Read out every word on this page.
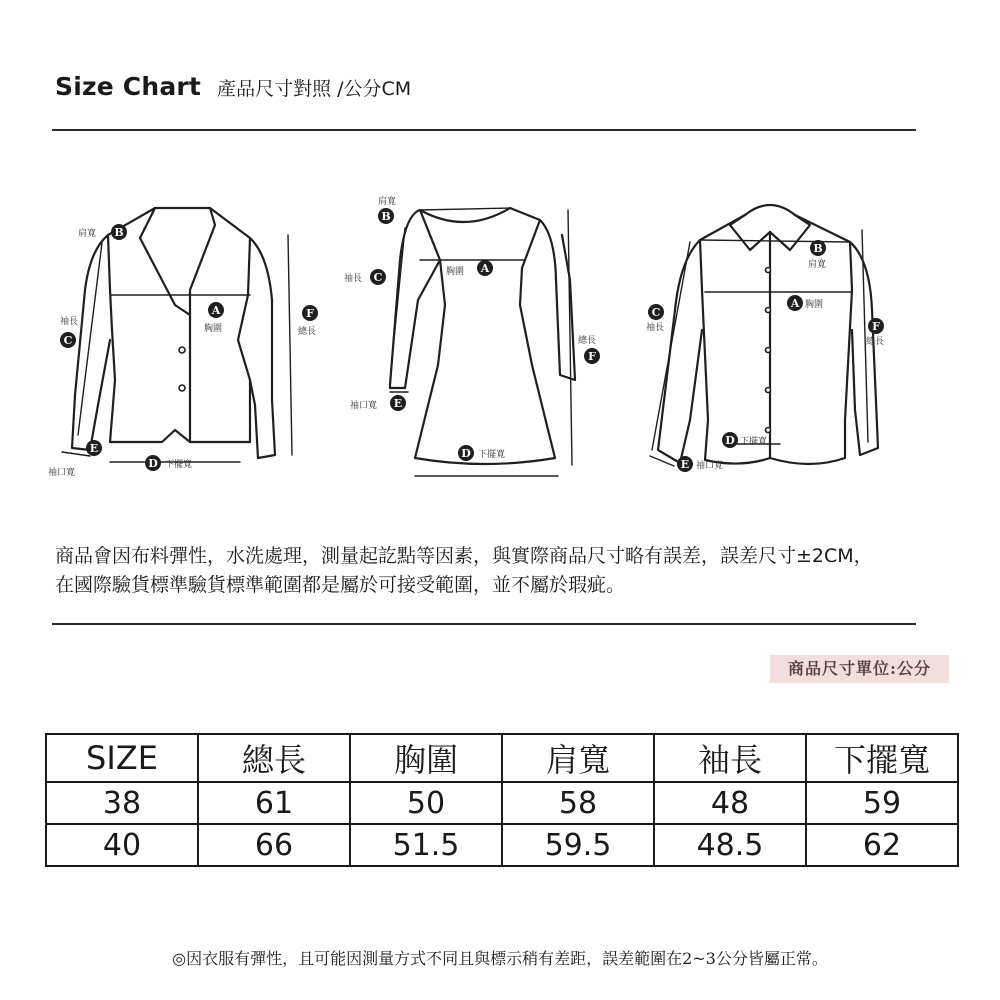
Size Chart 產品尺寸對照 /公分CM
肩寬 B
A
胸圍
袖長
C
F
總長
E
袖口寬
D 下擺寬
肩寬
B
胸圍 A
袖長 C
袖口寬 E
總長
F
D 下擺寬
B
肩寬
A 胸圍
C
袖長	F
總長
D 下擺寬
E 袖口寬
商品會因布料彈性，水洗處理，測量起訖點等因素，與實際商品尺寸略有誤差，誤差尺寸±2CM，
在國際驗貨標準驗貨標準範圍都是屬於可接受範圍，並不屬於瑕疵。
商品尺寸單位:公分
SIZE	總長	胸圍	肩寬	袖長	下擺寬
38	61	50	58	48	59
40	66	51.5	59.5	48.5	62
◎因衣服有彈性，且可能因測量方式不同且與標示稍有差距，誤差範圍在2~3公分皆屬正常。
